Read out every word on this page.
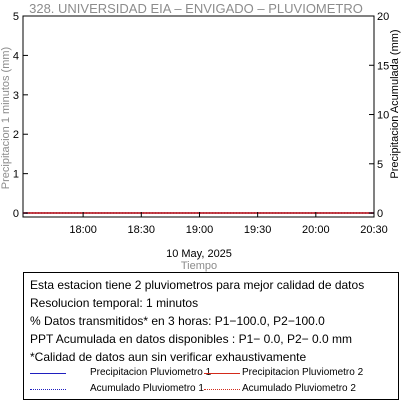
328. UNIVERSIDAD EIA – ENVIGADO – PLUVIOMETRO
0
1
2
3
4
5
0
5
10
15
20
18:00	18:30	19:00	19:30	20:00	20:30
10 May, 2025
Tiempo
Precipitacion 1 minutos (mm)	Precipitacion Acumulada (mm)
Esta estacion tiene 2 pluviometros para mejor calidad de datos
Resolucion temporal: 1 minutos
% Datos transmitidos* en 3 horas: P1−100.0, P2−100.0
PPT Acumulada en datos disponibles : P1− 0.0, P2− 0.0 mm
*Calidad de datos aun sin verificar exhaustivamente
Precipitacion Pluviometro 1	Precipitacion Pluviometro 2
Acumulado Pluviometro 1	Acumulado Pluviometro 2
